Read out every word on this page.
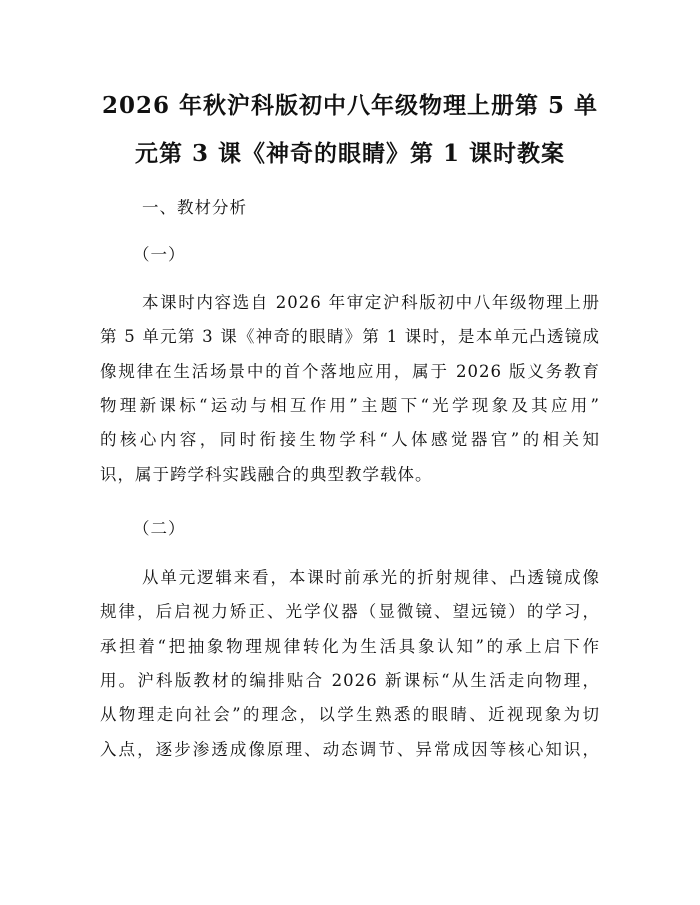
2026 年秋沪科版初中八年级物理上册第 5 单
元第 3 课《神奇的眼睛》第 1 课时教案
一、教材分析
（一）
本课时内容选自 2026 年审定沪科版初中八年级物理上册
第 5 单元第 3 课《神奇的眼睛》第 1 课时，是本单元凸透镜成
像规律在生活场景中的首个落地应用，属于 2026 版义务教育
物理新课标“运动与相互作用”主题下“光学现象及其应用”
的核心内容，同时衔接生物学科“人体感觉器官”的相关知
识，属于跨学科实践融合的典型教学载体。
（二）
从单元逻辑来看，本课时前承光的折射规律、凸透镜成像
规律，后启视力矫正、光学仪器（显微镜、望远镜）的学习，
承担着“把抽象物理规律转化为生活具象认知”的承上启下作
用。沪科版教材的编排贴合 2026 新课标“从生活走向物理，
从物理走向社会”的理念，以学生熟悉的眼睛、近视现象为切
入点，逐步渗透成像原理、动态调节、异常成因等核心知识，
